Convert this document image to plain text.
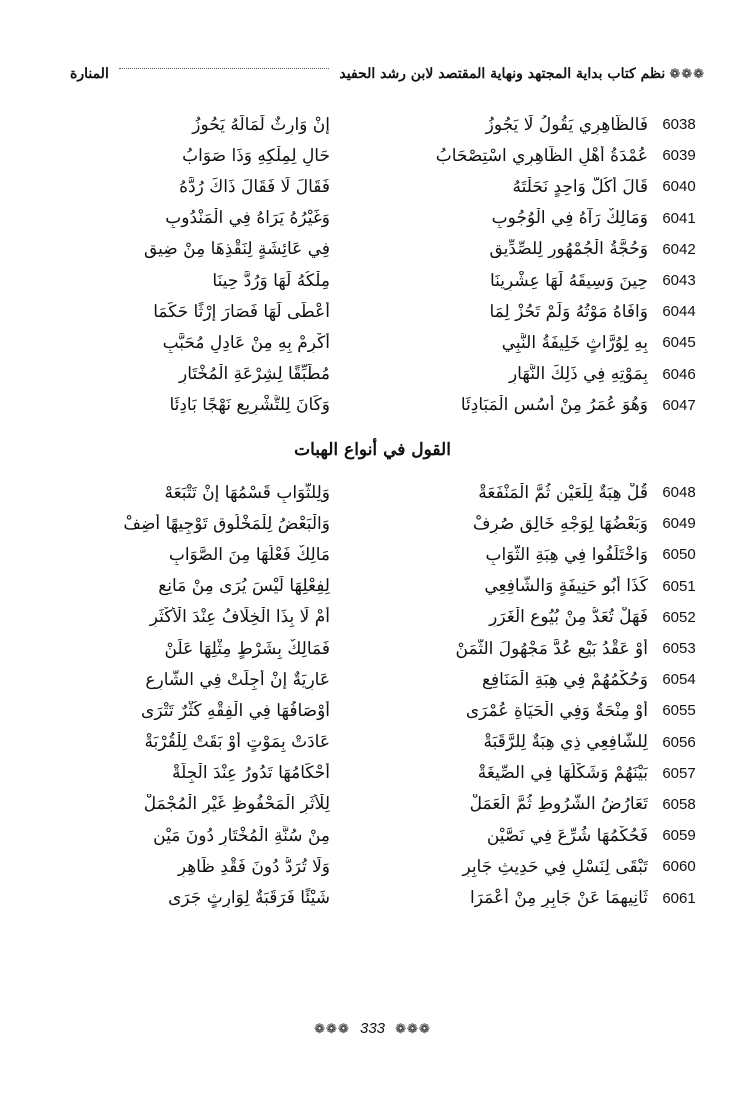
المنارة	نظم كتاب بداية المجتهد ونهاية المقتصد لابن رشد الحفيد ❁❁❁
6038
فَالظَّاهِرِي يَقُولُ لَا يَجُوزُ
إِنْ وَارِثٌ لَمَالَهُ يَحُوزُ
6039
عُمْدَةُ أَهْلِ الظَّاهِرِي اسْتِصْحَابُ
حَالٍ لِمِلْكِهِ وَذَا صَوَابُ
6040
قَالَ أُكُلٌّ وَاحِدٍ نَحَلْتَهُ
فَقَالَ لَا فَقَالَ ذَاكَ رُدَّهُ
6041
وَمَالِكٌ رَآهُ فِي الْوُجُوبِ
وَغَيْرُهُ يَرَاهُ فِي الْمَنْدُوبِ
6042
وَحُجَّةُ الْجُمْهُورِ لِلصِّدِّيقِ
فِي عَائِشَةٍ لِنَقْذِهَا مِنْ ضِيقِ
6043
حِينَ وَسِيقَهُ لَهَا عِشْرِينَا
مِلْكُهُ لَهَا وَرُدَّ حِينَا
6044
وَافَاهُ مَوْتُهُ وَلَمْ تَحُزْ لِمَا
أَعْطَى لَهَا فَصَارَ إِرْثًا حَكَمَا
6045
بِهِ لِوُرَّاثٍ خَلِيفَةُ النَّبِي
أَكْرِمْ بِهِ مِنْ عَادِلٍ مُحَبَّبِ
6046
بِمَوْتِهِ فِي ذَلِكَ النَّهَارِ
مُطَبِّقًا لِشِرْعَةِ الْمُخْتَارِ
6047
وَهُوَ عُمَرُ مِنْ أُسُسِ الْمَبَادِئَا
وَكَانَ لِلتَّشْرِيعِ نَهْجًا بَادِئَا
القول في أنواع الهبات
6048
قُلْ هِبَةٌ لِلْعَيْنِ ثُمَّ الْمَنْفَعَةْ
وَلِلثَّوَابِ قَسْمُهَا إِنْ تَتْبَعَهْ
6049
وَبَعْضُهَا لِوَجْهِ خَالِقٍ صُرِفْ
وَالْبَعْضُ لِلْمَخْلُوقِ تَوْجِيهًا أُضِفْ
6050
وَاخْتَلَفُوا فِي هِبَةِ الثَّوَابِ
مَالِكٌ فَعْلُهَا مِنَ الصَّوَابِ
6051
كَذَا أَبُو حَنِيفَةٍ وَالشَّافِعِي
لِفِعْلِهَا لَيْسَ يُرَى مِنْ مَانِعِ
6052
فَهَلْ تُعَدُّ مِنْ بُيُوعِ الْغَرَرِ
أَمْ لَا بِذَا الْخِلَافُ عِنْدَ الْأَكْثَرِ
6053
أَوْ عَقْدُ بَيْعٍ عُدَّ مَجْهُولَ الثَّمَنْ
فَمَالِكٌ بِشَرْطٍ مِثْلِهَا عَلَنْ
6054
وَحُكْمُهُمْ فِي هِبَةِ الْمَنَافِعِ
عَارِيَةٌ إِنْ أُجِلَتْ فِي الشَّارِعِ
6055
أَوْ مِنْحَةٌ وَفِي الْحَيَاةِ عُمْرَى
أَوْصَافُهَا فِي الْفِقْهِ كُثْرٌ تَتْرَى
6056
لِلشَّافِعِي ذِي هِبَةٌ لِلرَّقَبَةْ
عَادَتْ بِمَوْتٍ أَوْ بَقَتْ لِلْقُرْبَةْ
6057
بَيْنَهُمْ وَشَكْلُهَا فِي الصِّيغَةْ
أَحْكَامُهَا تَدُورُ عِنْدَ الْجِلَّةْ
6058
تَعَارُضُ الشُّرُوطِ ثُمَّ الْعَمَلْ
لِلْأَثَرِ الْمَحْفُوظِ غَيْرِ الْمُجْمَلْ
6059
فَحُكْمُهَا شُرِّعَ فِي نَصَّيْنِ
مِنْ سُنَّةِ الْمُخْتَارِ دُونَ مَيْنِ
6060
تَبْقَى لِنَسْلٍ فِي حَدِيثِ جَابِرِ
وَلَا تُرَدُّ دُونَ فَقْدِ ظَاهِرِ
6061
ثَانِيهِمَا عَنْ جَابِرٍ مِنْ أَعْمَرَا
شَيْئًا فَرَقَبَةٌ لِوَارِثٍ جَرَى
❁❁❁ 333 ❁❁❁
